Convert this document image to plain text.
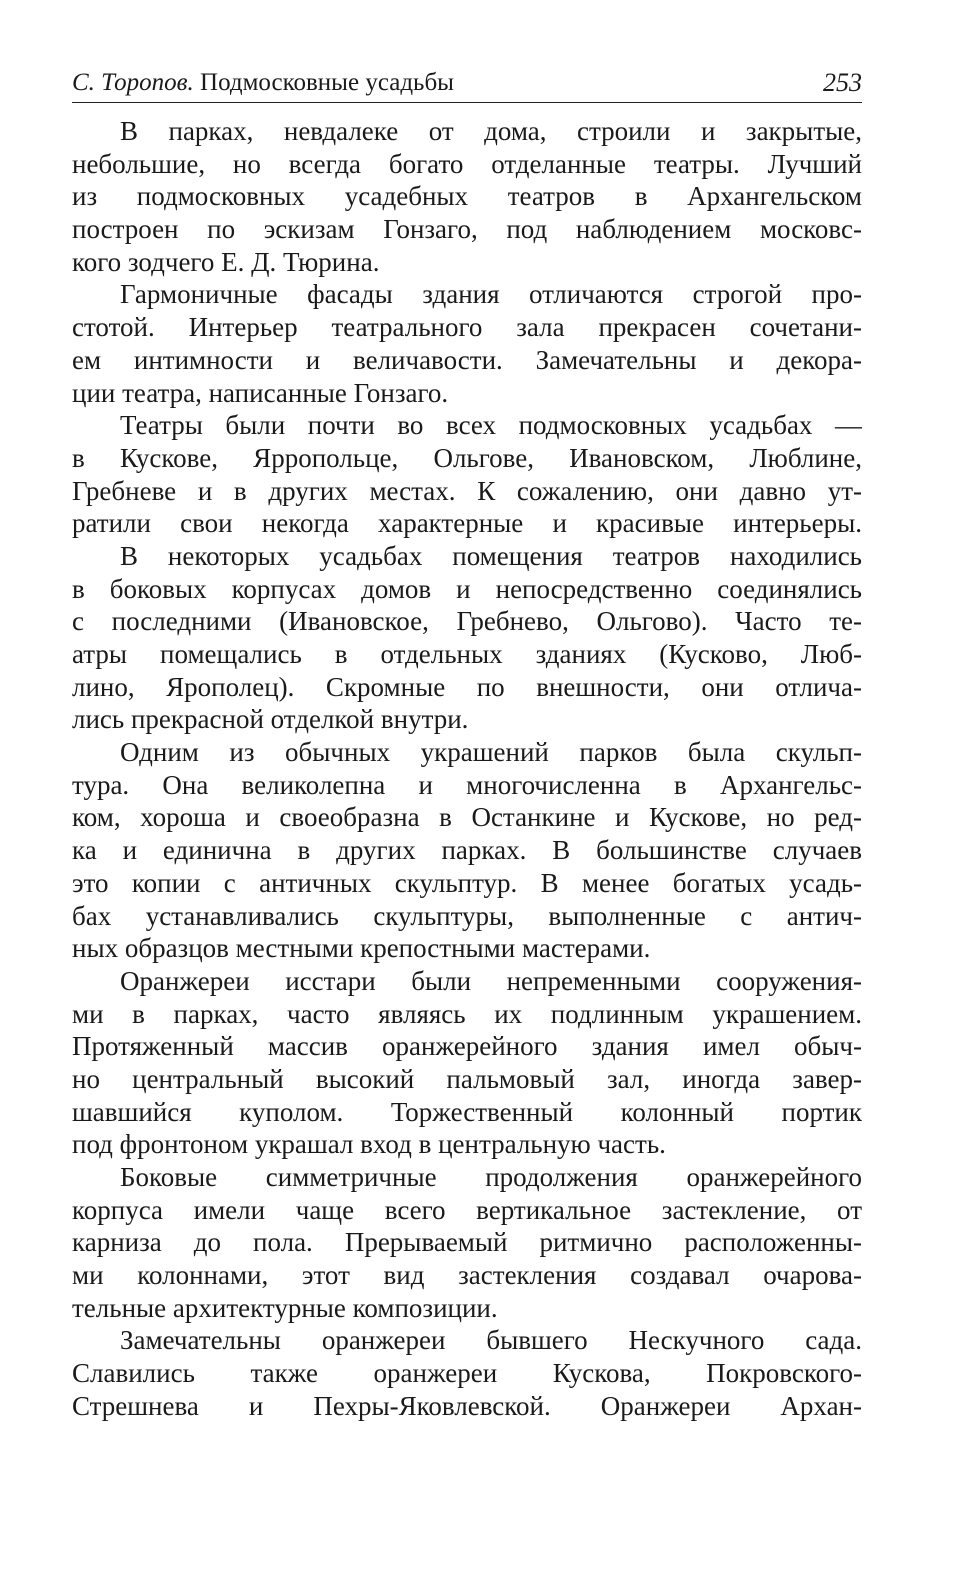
С. Торопов. Подмосковные усадьбы	253
В парках, невдалеке от дома, строили и закрытые,
небольшие, но всегда богато отделанные театры. Лучший
из подмосковных усадебных театров в Архангельском
построен по эскизам Гонзаго, под наблюдением московс-
кого зодчего Е. Д. Тюрина.
Гармоничные фасады здания отличаются строгой про-
стотой. Интерьер театрального зала прекрасен сочетани-
ем интимности и величавости. Замечательны и декора-
ции театра, написанные Гонзаго.
Театры были почти во всех подмосковных усадьбах —
в Кускове, Ярропольце, Ольгове, Ивановском, Люблине,
Гребневе и в других местах. К сожалению, они давно ут-
ратили свои некогда характерные и красивые интерьеры.
В некоторых усадьбах помещения театров находились
в боковых корпусах домов и непосредственно соединялись
с последними (Ивановское, Гребнево, Ольгово). Часто те-
атры помещались в отдельных зданиях (Кусково, Люб-
лино, Ярополец). Скромные по внешности, они отлича-
лись прекрасной отделкой внутри.
Одним из обычных украшений парков была скульп-
тура. Она великолепна и многочисленна в Архангельс-
ком, хороша и своеобразна в Останкине и Кускове, но ред-
ка и единична в других парках. В большинстве случаев
это копии с античных скульптур. В менее богатых усадь-
бах устанавливались скульптуры, выполненные с антич-
ных образцов местными крепостными мастерами.
Оранжереи исстари были непременными сооружения-
ми в парках, часто являясь их подлинным украшением.
Протяженный массив оранжерейного здания имел обыч-
но центральный высокий пальмовый зал, иногда завер-
шавшийся куполом. Торжественный колонный портик
под фронтоном украшал вход в центральную часть.
Боковые симметричные продолжения оранжерейного
корпуса имели чаще всего вертикальное застекление, от
карниза до пола. Прерываемый ритмично расположенны-
ми колоннами, этот вид застекления создавал очарова-
тельные архитектурные композиции.
Замечательны оранжереи бывшего Нескучного сада.
Славились также оранжереи Кускова, Покровского-
Стрешнева и Пехры-Яковлевской. Оранжереи Архан-
